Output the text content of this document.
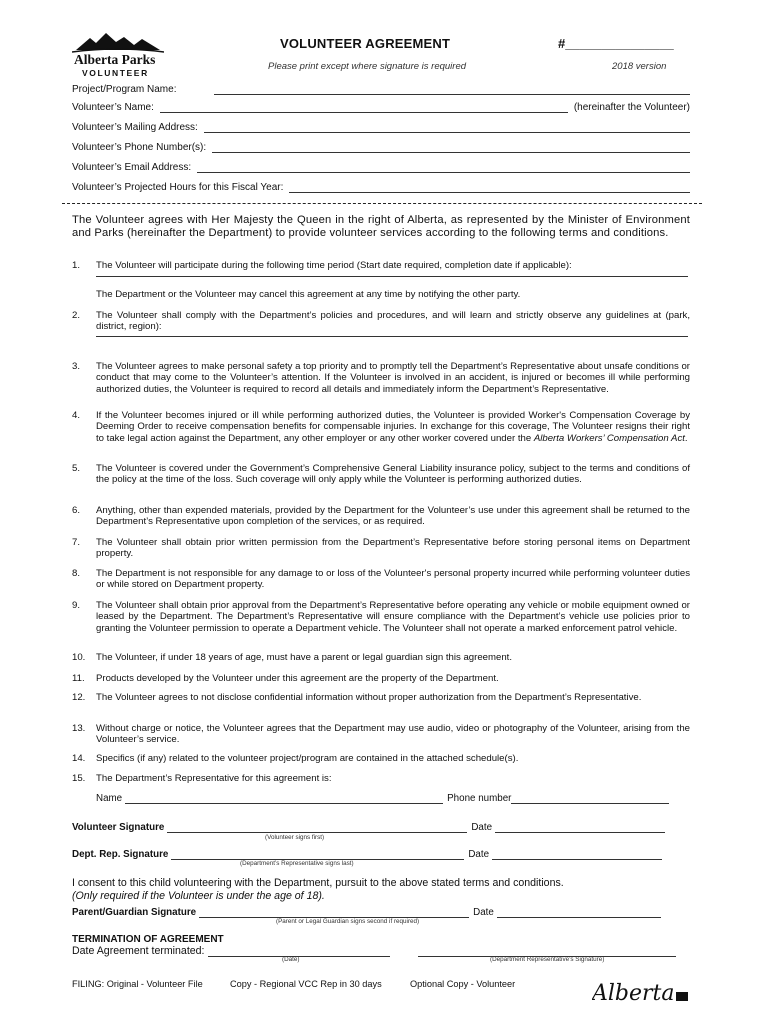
Alberta Parks
VOLUNTEER
VOLUNTEER AGREEMENT	#_______________
Please print except where signature is required	2018 version
Project/Program Name:
Volunteer’s Name:	(hereinafter the Volunteer)
Volunteer’s Mailing Address:
Volunteer’s Phone Number(s):
Volunteer’s Email Address:
Volunteer’s Projected Hours for this Fiscal Year:
The Volunteer agrees with Her Majesty the Queen in the right of Alberta, as represented by the Minister of Environment and Parks (hereinafter the Department) to provide volunteer services according to the following terms and conditions.
1. The Volunteer will participate during the following time period (Start date required, completion date if applicable):
The Department or the Volunteer may cancel this agreement at any time by notifying the other party.
2. The Volunteer shall comply with the Department’s policies and procedures, and will learn and strictly observe any guidelines at (park, district, region):
3. The Volunteer agrees to make personal safety a top priority and to promptly tell the Department’s Representative about unsafe conditions or conduct that may come to the Volunteer’s attention. If the Volunteer is involved in an accident, is injured or becomes ill while performing authorized duties, the Volunteer is required to record all details and immediately inform the Department’s Representative.
4. If the Volunteer becomes injured or ill while performing authorized duties, the Volunteer is provided Worker's Compensation Coverage by Deeming Order to receive compensation benefits for compensable injuries. In exchange for this coverage, The Volunteer resigns their right to take legal action against the Department, any other employer or any other worker covered under the Alberta Workers’ Compensation Act.
5. The Volunteer is covered under the Government’s Comprehensive General Liability insurance policy, subject to the terms and conditions of the policy at the time of the loss. Such coverage will only apply while the Volunteer is performing authorized duties.
6. Anything, other than expended materials, provided by the Department for the Volunteer’s use under this agreement shall be returned to the Department’s Representative upon completion of the services, or as required.
7. The Volunteer shall obtain prior written permission from the Department’s Representative before storing personal items on Department property.
8. The Department is not responsible for any damage to or loss of the Volunteer's personal property incurred while performing volunteer duties or while stored on Department property.
9. The Volunteer shall obtain prior approval from the Department’s Representative before operating any vehicle or mobile equipment owned or leased by the Department. The Department’s Representative will ensure compliance with the Department’s vehicle use policies prior to granting the Volunteer permission to operate a Department vehicle. The Volunteer shall not operate a marked enforcement patrol vehicle.
10. The Volunteer, if under 18 years of age, must have a parent or legal guardian sign this agreement.
11. Products developed by the Volunteer under this agreement are the property of the Department.
12. The Volunteer agrees to not disclose confidential information without proper authorization from the Department’s Representative.
13. Without charge or notice, the Volunteer agrees that the Department may use audio, video or photography of the Volunteer, arising from the Volunteer’s service.
14. Specifics (if any) related to the volunteer project/program are contained in the attached schedule(s).
15. The Department’s Representative for this agreement is:
Name	Phone number
Volunteer Signature	Date
(Volunteer signs first)
Dept. Rep. Signature	Date
(Department’s Representative signs last)
I consent to this child volunteering with the Department, pursuit to the above stated terms and conditions.
(Only required if the Volunteer is under the age of 18).
Parent/Guardian Signature	Date
(Parent or Legal Guardian signs second if required)
TERMINATION OF AGREEMENT
Date Agreement terminated:
(Date)	(Department Representative’s Signature)
FILING: Original - Volunteer File	Copy - Regional VCC Rep in 30 days	Optional Copy - Volunteer	Alberta
